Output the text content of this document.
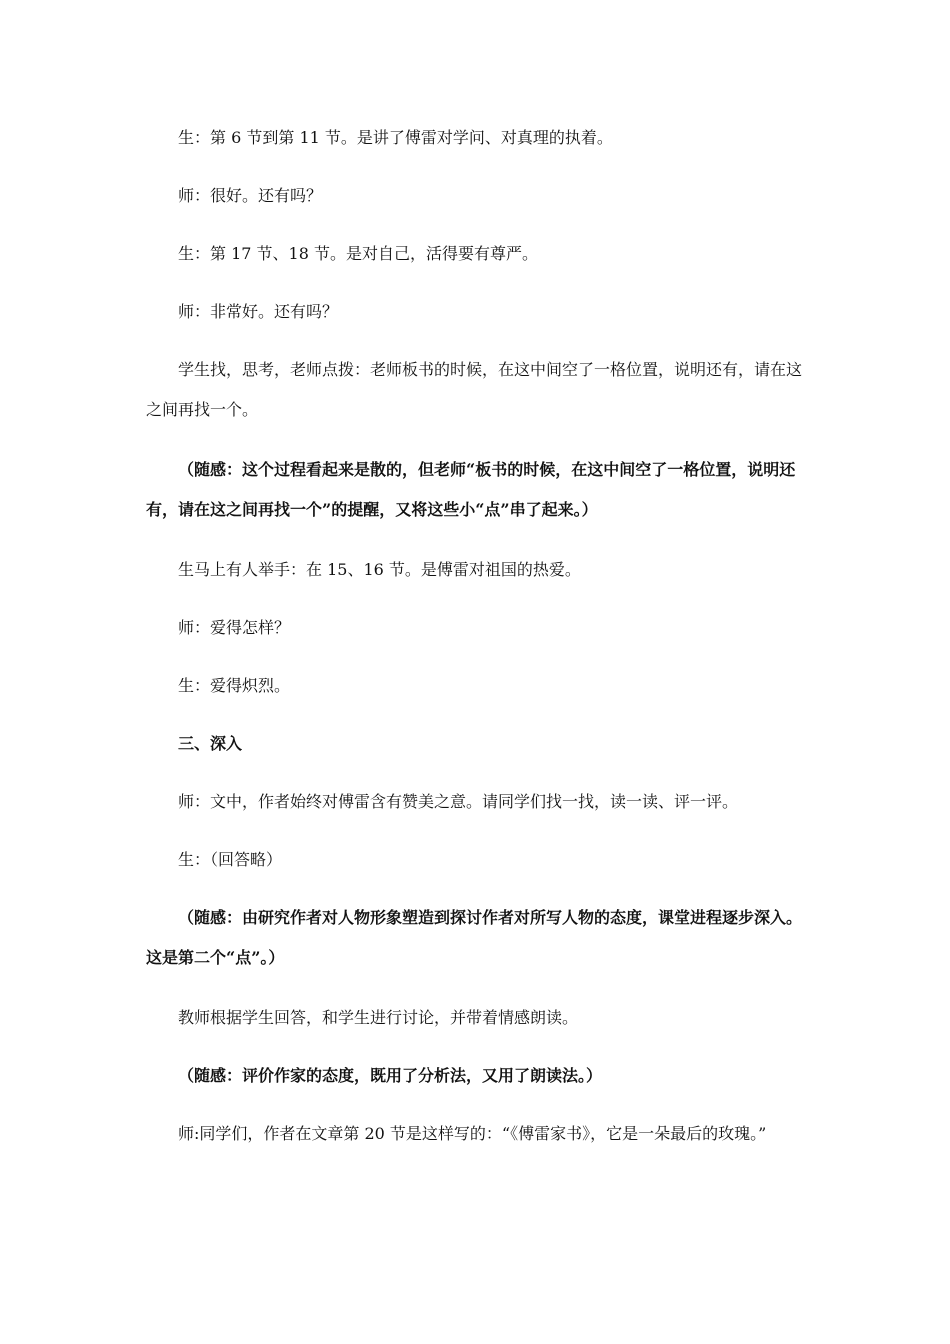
生：第 6 节到第 11 节。是讲了傅雷对学问、对真理的执着。

师：很好。还有吗？

生：第 17 节、18 节。是对自己，活得要有尊严。

师：非常好。还有吗？

学生找，思考，老师点拨：老师板书的时候，在这中间空了一格位置，说明还有，请在这之间再找一个。

（随感：这个过程看起来是散的，但老师“板书的时候，在这中间空了一格位置，说明还有，请在这之间再找一个”的提醒，又将这些小“点”串了起来。）

生马上有人举手：在 15、16 节。是傅雷对祖国的热爱。

师：爱得怎样？

生：爱得炽烈。

三、深入

师：文中，作者始终对傅雷含有赞美之意。请同学们找一找，读一读、评一评。

生：（回答略）

（随感：由研究作者对人物形象塑造到探讨作者对所写人物的态度，课堂进程逐步深入。这是第二个“点”。）

教师根据学生回答，和学生进行讨论，并带着情感朗读。

（随感：评价作家的态度，既用了分析法，又用了朗读法。）

师:同学们，作者在文章第 20 节是这样写的：“《傅雷家书》，它是一朵最后的玫瑰。”
